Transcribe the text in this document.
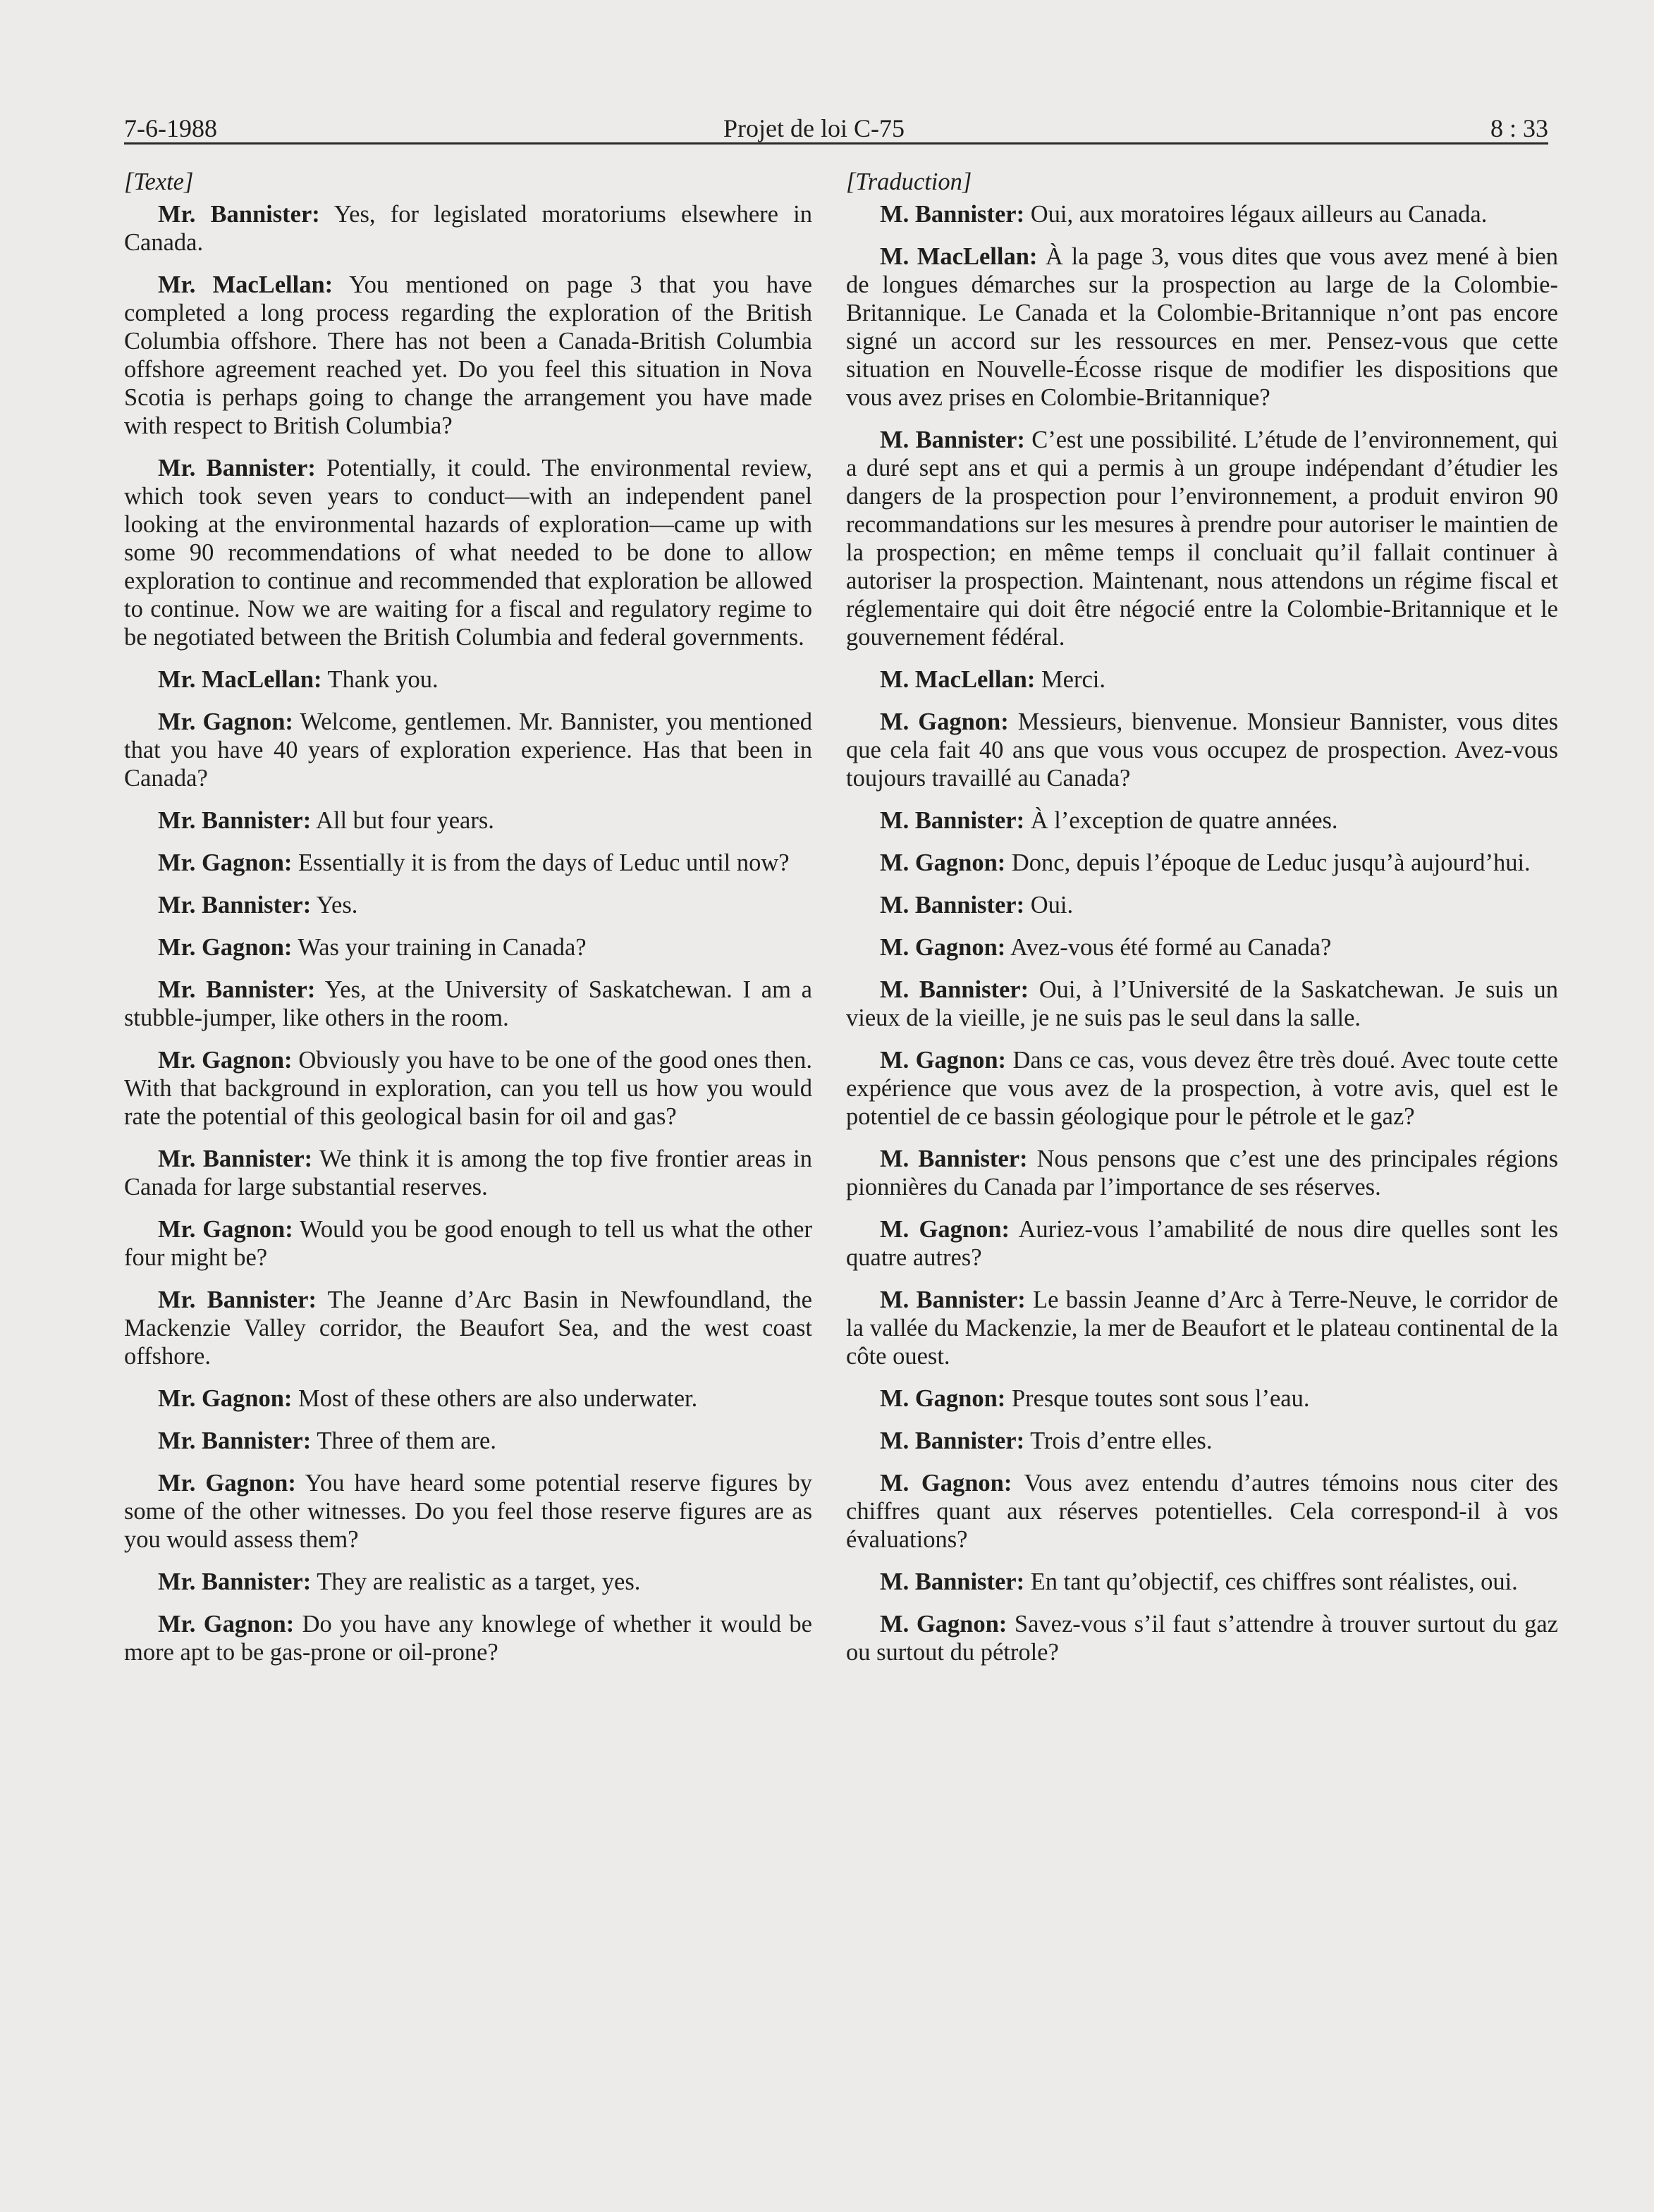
7-6-1988	Projet de loi C-75	8 : 33
[Texte]

Mr. Bannister: Yes, for legislated moratoriums elsewhere in Canada.

Mr. MacLellan: You mentioned on page 3 that you have completed a long process regarding the exploration of the British Columbia offshore. There has not been a Canada-British Columbia offshore agreement reached yet. Do you feel this situation in Nova Scotia is perhaps going to change the arrangement you have made with respect to British Columbia?

Mr. Bannister: Potentially, it could. The environmental review, which took seven years to conduct—with an independent panel looking at the environmental hazards of exploration—came up with some 90 recommendations of what needed to be done to allow exploration to continue and recommended that exploration be allowed to continue. Now we are waiting for a fiscal and regulatory regime to be negotiated between the British Columbia and federal governments.

Mr. MacLellan: Thank you.

Mr. Gagnon: Welcome, gentlemen. Mr. Bannister, you mentioned that you have 40 years of exploration experience. Has that been in Canada?

Mr. Bannister: All but four years.

Mr. Gagnon: Essentially it is from the days of Leduc until now?

Mr. Bannister: Yes.

Mr. Gagnon: Was your training in Canada?

Mr. Bannister: Yes, at the University of Saskatchewan. I am a stubble-jumper, like others in the room.

Mr. Gagnon: Obviously you have to be one of the good ones then. With that background in exploration, can you tell us how you would rate the potential of this geological basin for oil and gas?

Mr. Bannister: We think it is among the top five frontier areas in Canada for large substantial reserves.

Mr. Gagnon: Would you be good enough to tell us what the other four might be?

Mr. Bannister: The Jeanne d’Arc Basin in Newfoundland, the Mackenzie Valley corridor, the Beaufort Sea, and the west coast offshore.

Mr. Gagnon: Most of these others are also underwater.

Mr. Bannister: Three of them are.

Mr. Gagnon: You have heard some potential reserve figures by some of the other witnesses. Do you feel those reserve figures are as you would assess them?

Mr. Bannister: They are realistic as a target, yes.

Mr. Gagnon: Do you have any knowlege of whether it would be more apt to be gas-prone or oil-prone?

[Traduction]

M. Bannister: Oui, aux moratoires légaux ailleurs au Canada.

M. MacLellan: À la page 3, vous dites que vous avez mené à bien de longues démarches sur la prospection au large de la Colombie-Britannique. Le Canada et la Colombie-Britannique n’ont pas encore signé un accord sur les ressources en mer. Pensez-vous que cette situation en Nouvelle-Écosse risque de modifier les dispositions que vous avez prises en Colombie-Britannique?

M. Bannister: C’est une possibilité. L’étude de l’environnement, qui a duré sept ans et qui a permis à un groupe indépendant d’étudier les dangers de la prospection pour l’environnement, a produit environ 90 recommandations sur les mesures à prendre pour autoriser le maintien de la prospection; en même temps il concluait qu’il fallait continuer à autoriser la prospection. Maintenant, nous attendons un régime fiscal et réglementaire qui doit être négocié entre la Colombie-Britannique et le gouvernement fédéral.

M. MacLellan: Merci.

M. Gagnon: Messieurs, bienvenue. Monsieur Bannister, vous dites que cela fait 40 ans que vous vous occupez de prospection. Avez-vous toujours travaillé au Canada?

M. Bannister: À l’exception de quatre années.

M. Gagnon: Donc, depuis l’époque de Leduc jusqu’à aujourd’hui.

M. Bannister: Oui.

M. Gagnon: Avez-vous été formé au Canada?

M. Bannister: Oui, à l’Université de la Saskatchewan. Je suis un vieux de la vieille, je ne suis pas le seul dans la salle.

M. Gagnon: Dans ce cas, vous devez être très doué. Avec toute cette expérience que vous avez de la prospection, à votre avis, quel est le potentiel de ce bassin géologique pour le pétrole et le gaz?

M. Bannister: Nous pensons que c’est une des principales régions pionnières du Canada par l’importance de ses réserves.

M. Gagnon: Auriez-vous l’amabilité de nous dire quelles sont les quatre autres?

M. Bannister: Le bassin Jeanne d’Arc à Terre-Neuve, le corridor de la vallée du Mackenzie, la mer de Beaufort et le plateau continental de la côte ouest.

M. Gagnon: Presque toutes sont sous l’eau.

M. Bannister: Trois d’entre elles.

M. Gagnon: Vous avez entendu d’autres témoins nous citer des chiffres quant aux réserves potentielles. Cela correspond-il à vos évaluations?

M. Bannister: En tant qu’objectif, ces chiffres sont réalistes, oui.

M. Gagnon: Savez-vous s’il faut s’attendre à trouver surtout du gaz ou surtout du pétrole?
